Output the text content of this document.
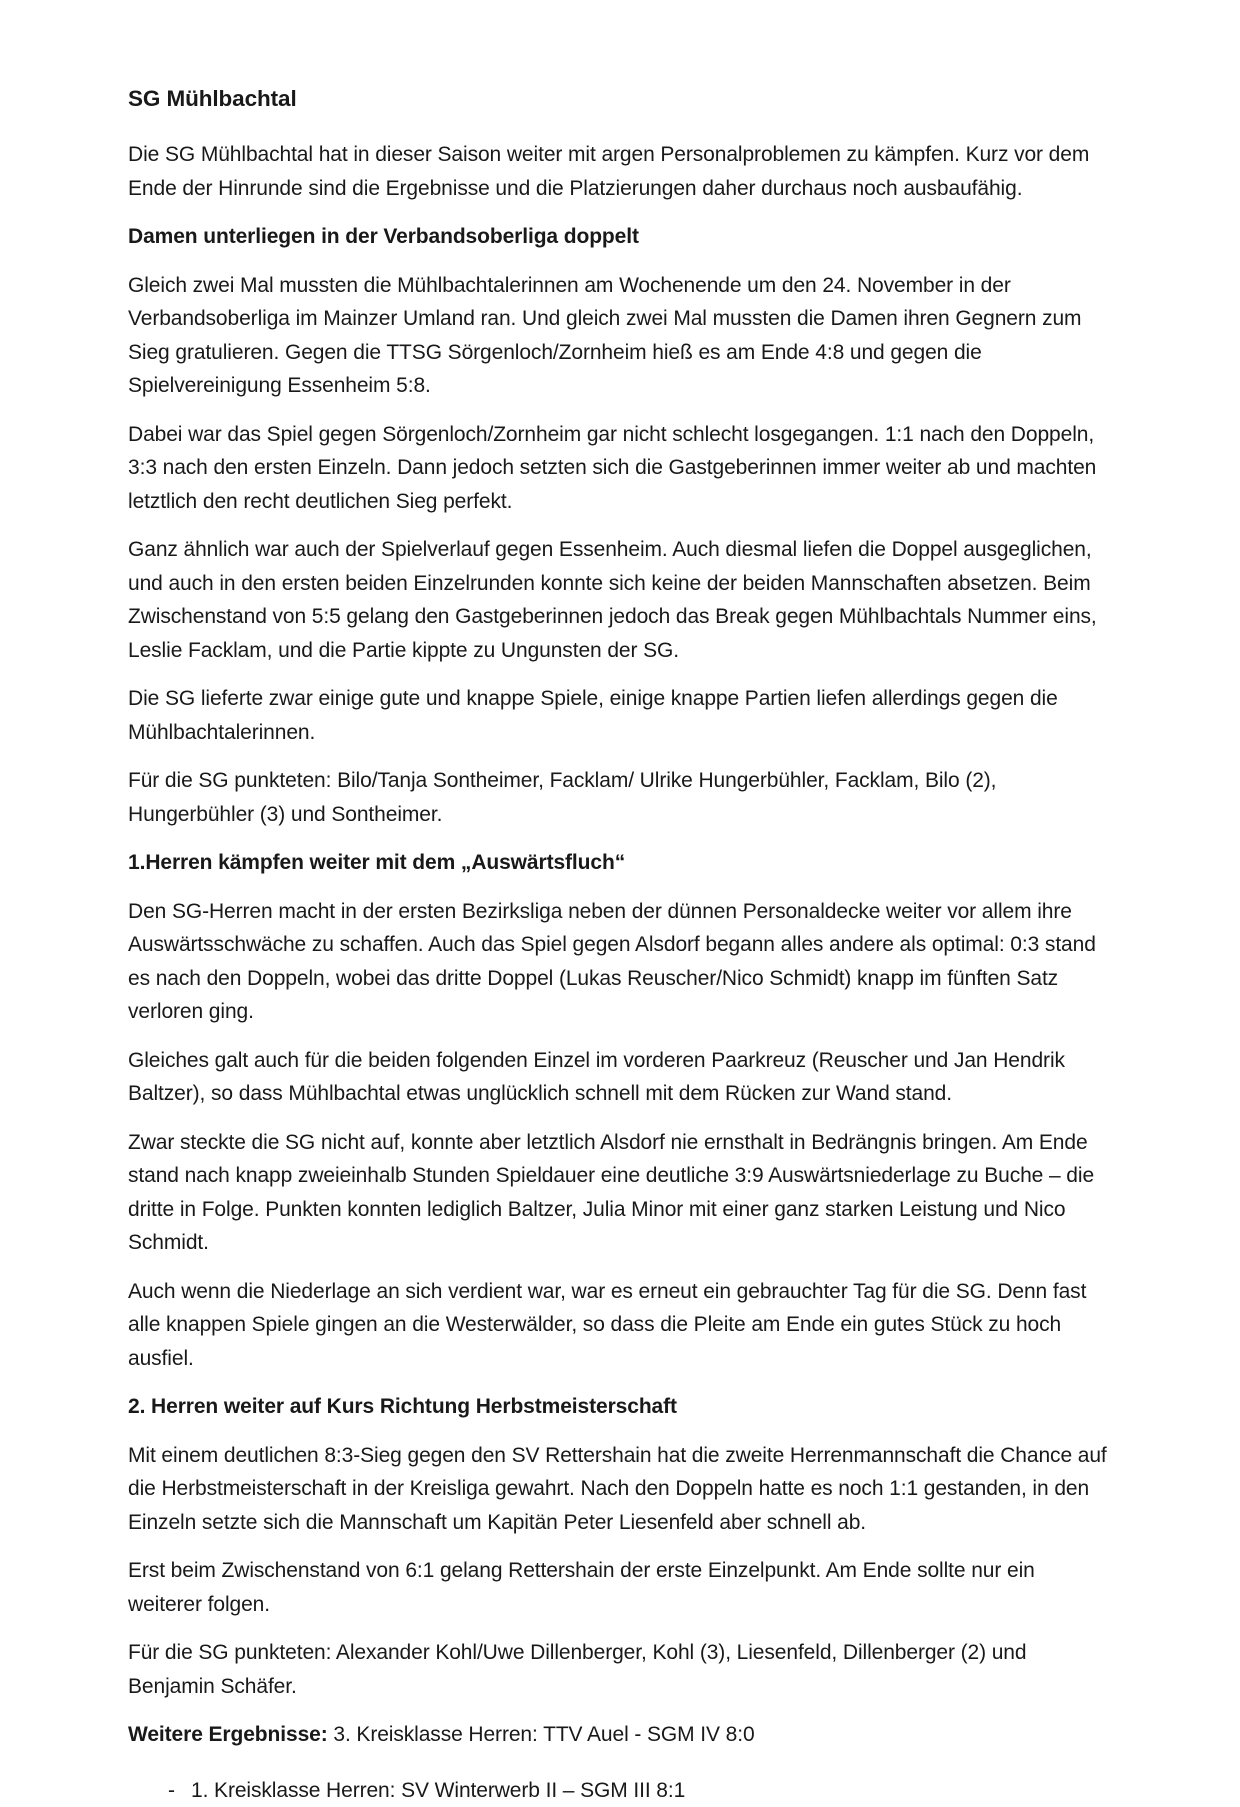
SG Mühlbachtal

Die SG Mühlbachtal hat in dieser Saison weiter mit argen Personalproblemen zu kämpfen. Kurz vor dem Ende der Hinrunde sind die Ergebnisse und die Platzierungen daher durchaus noch ausbaufähig.

Damen unterliegen in der Verbandsoberliga doppelt

Gleich zwei Mal mussten die Mühlbachtalerinnen am Wochenende um den 24. November in der Verbandsoberliga im Mainzer Umland ran. Und gleich zwei Mal mussten die Damen ihren Gegnern zum Sieg gratulieren. Gegen die TTSG Sörgenloch/Zornheim hieß es am Ende 4:8 und gegen die Spielvereinigung Essenheim 5:8.

Dabei war das Spiel gegen Sörgenloch/Zornheim gar nicht schlecht losgegangen. 1:1 nach den Doppeln, 3:3 nach den ersten Einzeln. Dann jedoch setzten sich die Gastgeberinnen immer weiter ab und machten letztlich den recht deutlichen Sieg perfekt.

Ganz ähnlich war auch der Spielverlauf gegen Essenheim. Auch diesmal liefen die Doppel ausgeglichen, und auch in den ersten beiden Einzelrunden konnte sich keine der beiden Mannschaften absetzen. Beim Zwischenstand von 5:5 gelang den Gastgeberinnen jedoch das Break gegen Mühlbachtals Nummer eins, Leslie Facklam, und die Partie kippte zu Ungunsten der SG.

Die SG lieferte zwar einige gute und knappe Spiele, einige knappe Partien liefen allerdings gegen die Mühlbachtalerinnen.

Für die SG punkteten: Bilo/Tanja Sontheimer, Facklam/ Ulrike Hungerbühler, Facklam, Bilo (2), Hungerbühler (3) und Sontheimer.

1.Herren kämpfen weiter mit dem „Auswärtsfluch“

Den SG-Herren macht in der ersten Bezirksliga neben der dünnen Personaldecke weiter vor allem ihre Auswärtsschwäche zu schaffen. Auch das Spiel gegen Alsdorf begann alles andere als optimal: 0:3 stand es nach den Doppeln, wobei das dritte Doppel (Lukas Reuscher/Nico Schmidt) knapp im fünften Satz verloren ging.

Gleiches galt auch für die beiden folgenden Einzel im vorderen Paarkreuz (Reuscher und Jan Hendrik Baltzer), so dass Mühlbachtal etwas unglücklich schnell mit dem Rücken zur Wand stand.

Zwar steckte die SG nicht auf, konnte aber letztlich Alsdorf nie ernsthalt in Bedrängnis bringen. Am Ende stand nach knapp zweieinhalb Stunden Spieldauer eine deutliche 3:9 Auswärtsniederlage zu Buche – die dritte in Folge. Punkten konnten lediglich Baltzer, Julia Minor mit einer ganz starken Leistung und Nico Schmidt.

Auch wenn die Niederlage an sich verdient war, war es erneut ein gebrauchter Tag für die SG. Denn fast alle knappen Spiele gingen an die Westerwälder, so dass die Pleite am Ende ein gutes Stück zu hoch ausfiel.

2. Herren weiter auf Kurs Richtung Herbstmeisterschaft

Mit einem deutlichen 8:3-Sieg gegen den SV Rettershain hat die zweite Herrenmannschaft die Chance auf die Herbstmeisterschaft in der Kreisliga gewahrt. Nach den Doppeln hatte es noch 1:1 gestanden, in den Einzeln setzte sich die Mannschaft um Kapitän Peter Liesenfeld aber schnell ab.

Erst beim Zwischenstand von 6:1 gelang Rettershain der erste Einzelpunkt. Am Ende sollte nur ein weiterer folgen.

Für die SG punkteten: Alexander Kohl/Uwe Dillenberger, Kohl (3), Liesenfeld, Dillenberger (2) und Benjamin Schäfer.

Weitere Ergebnisse: 3. Kreisklasse Herren: TTV Auel - SGM IV 8:0

- 1. Kreisklasse Herren: SV Winterwerb II – SGM III 8:1
